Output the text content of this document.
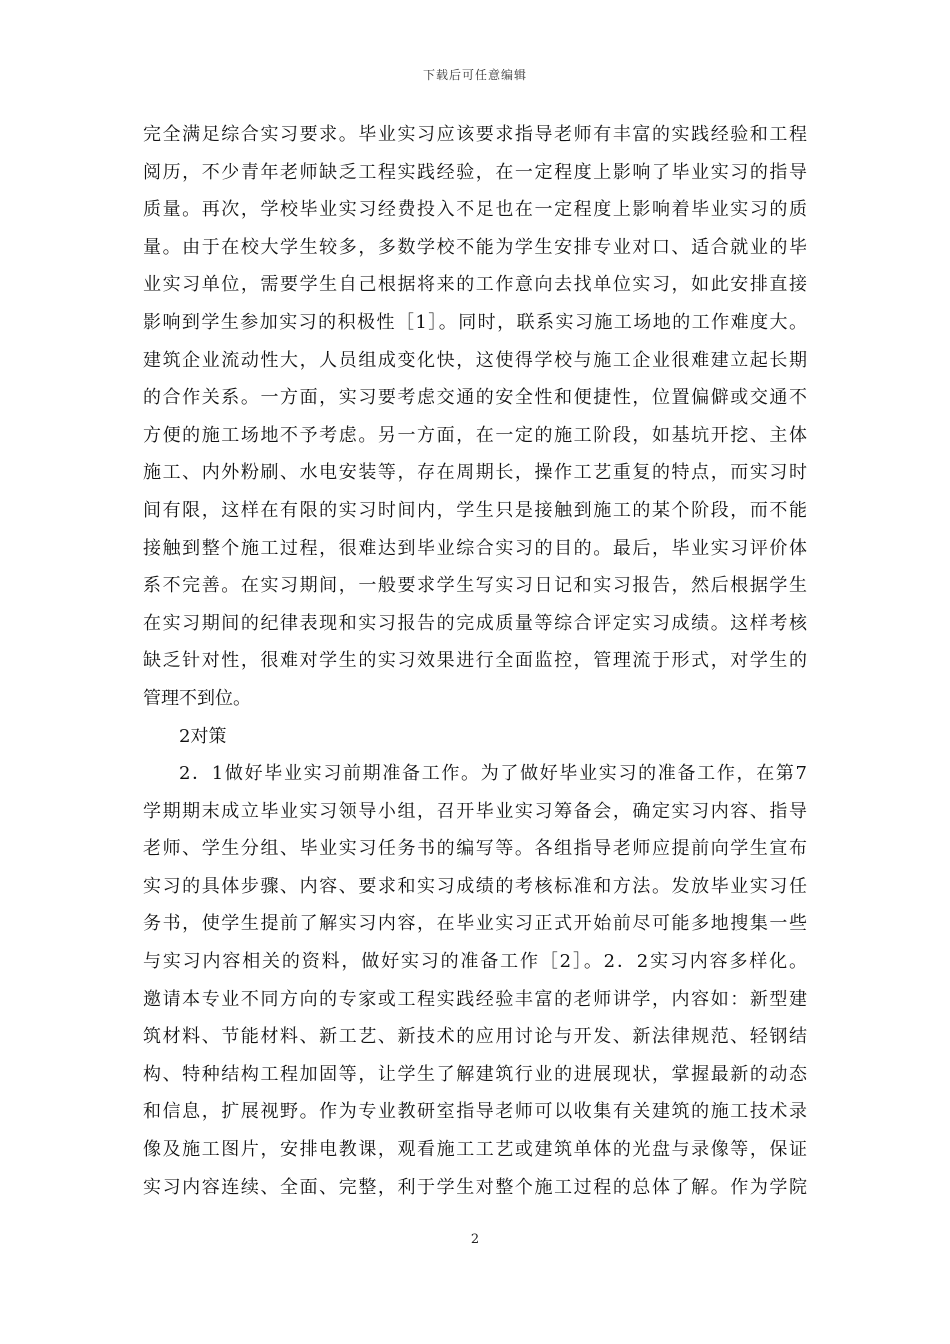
下载后可任意编辑
完全满足综合实习要求。毕业实习应该要求指导老师有丰富的实践经验和工程
阅历，不少青年老师缺乏工程实践经验，在一定程度上影响了毕业实习的指导
质量。再次，学校毕业实习经费投入不足也在一定程度上影响着毕业实习的质
量。由于在校大学生较多，多数学校不能为学生安排专业对口、适合就业的毕
业实习单位，需要学生自己根据将来的工作意向去找单位实习，如此安排直接
影响到学生参加实习的积极性［1］。同时，联系实习施工场地的工作难度大。
建筑企业流动性大，人员组成变化快，这使得学校与施工企业很难建立起长期
的合作关系。一方面，实习要考虑交通的安全性和便捷性，位置偏僻或交通不
方便的施工场地不予考虑。另一方面，在一定的施工阶段，如基坑开挖、主体
施工、内外粉刷、水电安装等，存在周期长，操作工艺重复的特点，而实习时
间有限，这样在有限的实习时间内，学生只是接触到施工的某个阶段，而不能
接触到整个施工过程，很难达到毕业综合实习的目的。最后，毕业实习评价体
系不完善。在实习期间，一般要求学生写实习日记和实习报告，然后根据学生
在实习期间的纪律表现和实习报告的完成质量等综合评定实习成绩。这样考核
缺乏针对性，很难对学生的实习效果进行全面监控，管理流于形式，对学生的
管理不到位。
2对策
2．1做好毕业实习前期准备工作。为了做好毕业实习的准备工作，在第7
学期期末成立毕业实习领导小组，召开毕业实习筹备会，确定实习内容、指导
老师、学生分组、毕业实习任务书的编写等。各组指导老师应提前向学生宣布
实习的具体步骤、内容、要求和实习成绩的考核标准和方法。发放毕业实习任
务书，使学生提前了解实习内容，在毕业实习正式开始前尽可能多地搜集一些
与实习内容相关的资料，做好实习的准备工作［2］。2．2实习内容多样化。
邀请本专业不同方向的专家或工程实践经验丰富的老师讲学，内容如：新型建
筑材料、节能材料、新工艺、新技术的应用讨论与开发、新法律规范、轻钢结
构、特种结构工程加固等，让学生了解建筑行业的进展现状，掌握最新的动态
和信息，扩展视野。作为专业教研室指导老师可以收集有关建筑的施工技术录
像及施工图片，安排电教课，观看施工工艺或建筑单体的光盘与录像等，保证
实习内容连续、全面、完整，利于学生对整个施工过程的总体了解。作为学院
2
